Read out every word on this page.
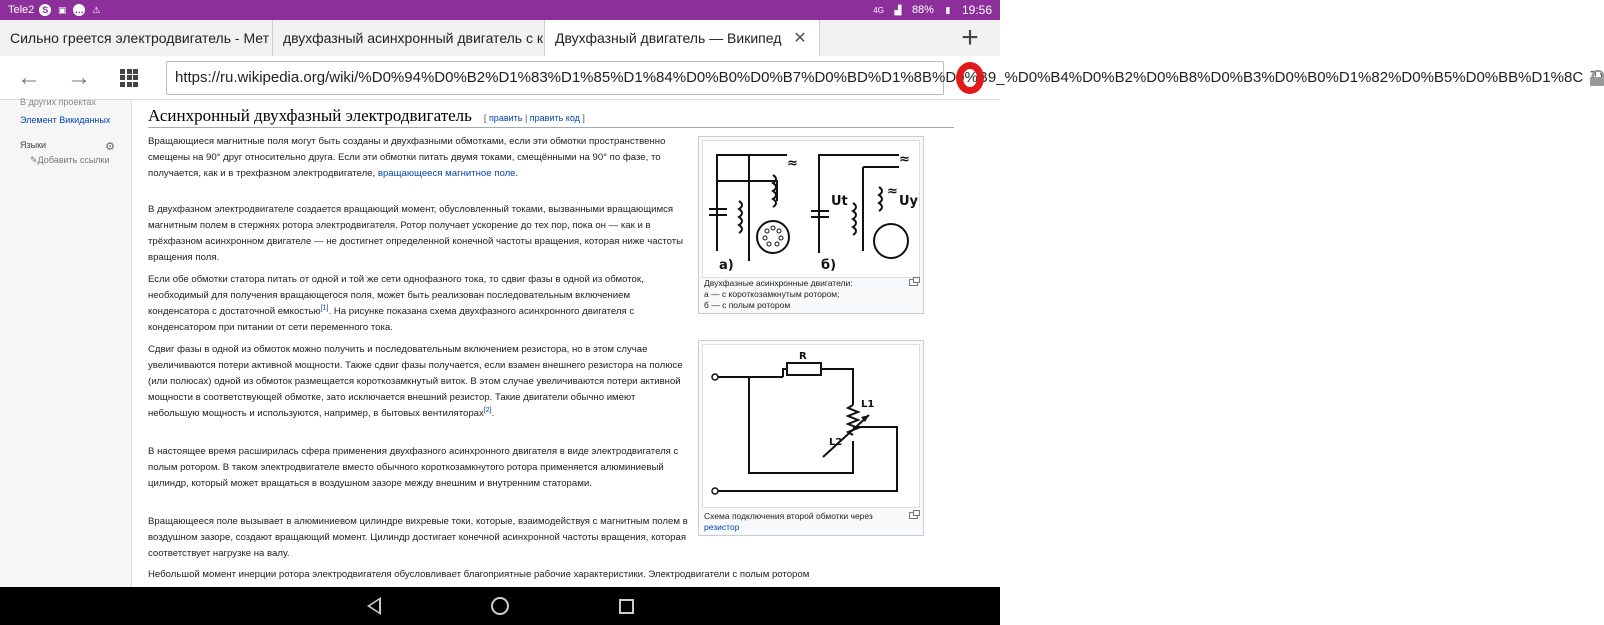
Tele2 S	▣ … ⚠	4G ▟ 88%	▮ 19:56
Сильно греется электродвигатель - Мет двухфазный асинхронный двигатель с к Двухфазный двигатель — Википед ✕	+
←	→	https://ru.wikipedia.org/wiki/%D0%94%D0%B2%D1%83%D1%85%D1%84%D0%B0%D0%B7%D0%BD%D1%8B%D0%B9_%D0%B4%D0%B2%D0%B8%D0%B3%D0%B0%D1%82%D0%B5%D0%BB%D1%8C ↻
В других проектах
Элемент Викиданных
Языки	⚙
✎Добавить ссылки
Асинхронный двухфазный электродвигатель [ править | править код ]

Вращающиеся магнитные поля могут быть созданы и двухфазными обмотками, если эти обмотки пространственно смещены на 90° друг относительно друга. Если эти обмотки питать двумя токами, смещёнными на 90° по фазе, то получается, как и в трехфазном электродвигателе, вращающееся магнитное поле.

В двухфазном электродвигателе создается вращающий момент, обусловленный токами, вызванными вращающимся магнитным полем в стержнях ротора электродвигателя. Ротор получает ускорение до тех пор, пока он — как и в трёхфазном асинхронном двигателе — не достигнет определенной конечной частоты вращения, которая ниже частоты вращения поля.

Если обе обмотки статора питать от одной и той же сети однофазного тока, то сдвиг фазы в одной из обмоток, необходимый для получения вращающегося поля, может быть реализован последовательным включением конденсатора с достаточной емкостью[1]. На рисунке показана схема двухфазного асинхронного двигателя с конденсатором при питании от сети переменного тока.

Сдвиг фазы в одной из обмоток можно получить и последовательным включением резистора, но в этом случае увеличиваются потери активной мощности. Также сдвиг фазы получается, если взамен внешнего резистора на полюсе (или полюсах) одной из обмоток размещается короткозамкнутый виток. В этом случае увеличиваются потери активной мощности в соответствующей обмотке, зато исключается внешний резистор. Такие двигатели обычно имеют небольшую мощность и используются, например, в бытовых вентиляторах[2].

В настоящее время расширилась сфера применения двухфазного асинхронного двигателя в виде электродвигателя с полым ротором. В таком электродвигателе вместо обычного короткозамкнутого ротора применяется алюминиевый цилиндр, который может вращаться в воздушном зазоре между внешним и внутренним статорами.

Вращающееся поле вызывает в алюминиевом цилиндре вихревые токи, которые, взаимодействуя с магнитным полем в воздушном зазоре, создают вращающий момент. Цилиндр достигает конечной асинхронной частоты вращения, которая соответствует нагрузке на валу.

Небольшой момент инерции ротора электродвигателя обусловливает благоприятные рабочие характеристики. Электродвигатели с полым ротором

≈	≈
≈
а)	б)
Ut	Uy
Двухфазные асинхронные двигатели:
а — с короткозамкнутым ротором;
б — с полым ротором
R
L1
L2
Схема подключения второй обмотки через резистор
